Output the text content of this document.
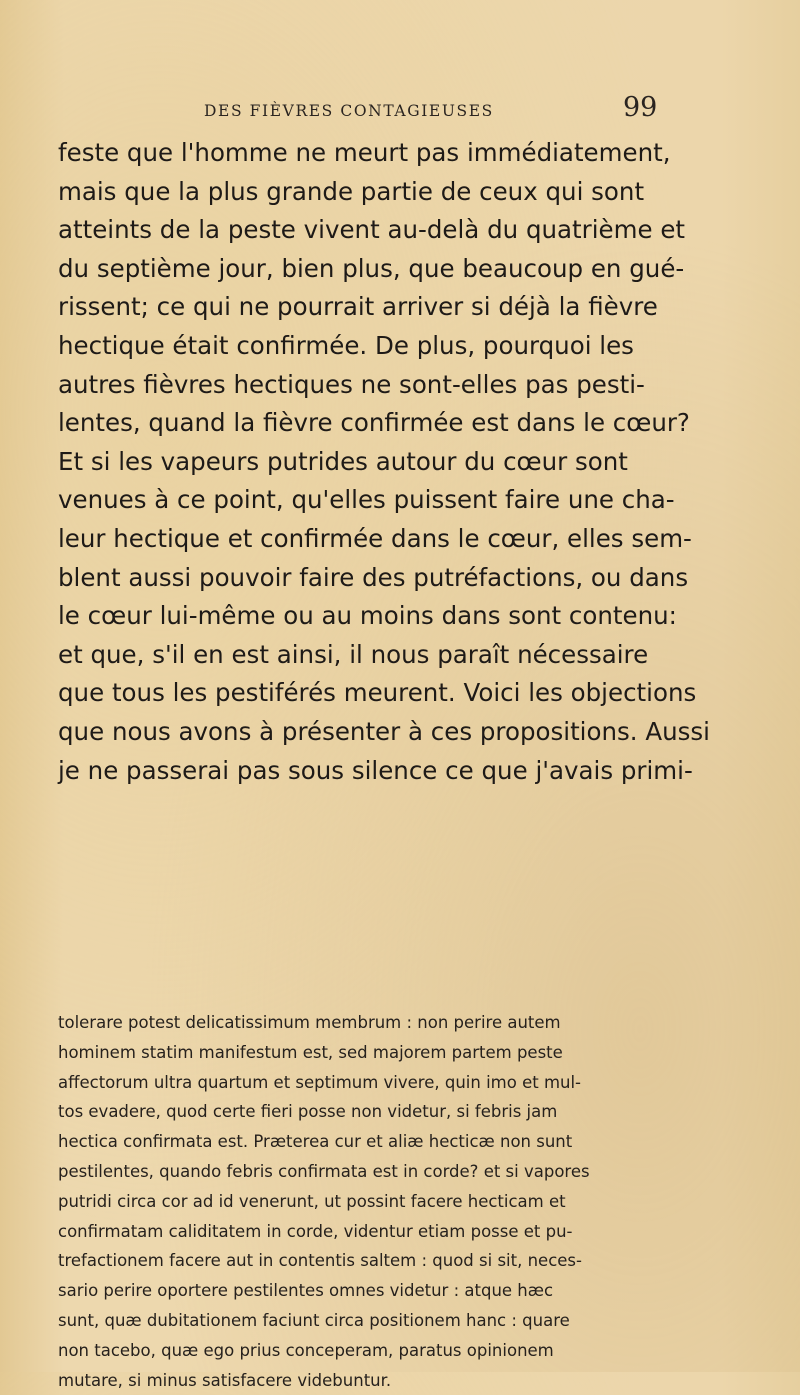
DES FIÈVRES CONTAGIEUSES	99
feste que l'homme ne meurt pas immédiatement,
mais que la plus grande partie de ceux qui sont
atteints de la peste vivent au-delà du quatrième et
du septième jour, bien plus, que beaucoup en gué-
rissent; ce qui ne pourrait arriver si déjà la fièvre
hectique était confirmée. De plus, pourquoi les
autres fièvres hectiques ne sont-elles pas pesti-
lentes, quand la fièvre confirmée est dans le cœur?
Et si les vapeurs putrides autour du cœur sont
venues à ce point, qu'elles puissent faire une cha-
leur hectique et confirmée dans le cœur, elles sem-
blent aussi pouvoir faire des putréfactions, ou dans
le cœur lui-même ou au moins dans sont contenu:
et que, s'il en est ainsi, il nous paraît nécessaire
que tous les pestiférés meurent. Voici les objections
que nous avons à présenter à ces propositions. Aussi
je ne passerai pas sous silence ce que j'avais primi-
tolerare potest delicatissimum membrum : non perire autem
hominem statim manifestum est, sed majorem partem peste
affectorum ultra quartum et septimum vivere, quin imo et mul-
tos evadere, quod certe fieri posse non videtur, si febris jam
hectica confirmata est. Præterea cur et aliæ hecticæ non sunt
pestilentes, quando febris confirmata est in corde? et si vapores
putridi circa cor ad id venerunt, ut possint facere hecticam et
confirmatam caliditatem in corde, videntur etiam posse et pu-
trefactionem facere aut in contentis saltem : quod si sit, neces-
sario perire oportere pestilentes omnes videtur : atque hæc
sunt, quæ dubitationem faciunt circa positionem hanc : quare
non tacebo, quæ ego prius conceperam, paratus opinionem
mutare, si minus satisfacere videbuntur.
